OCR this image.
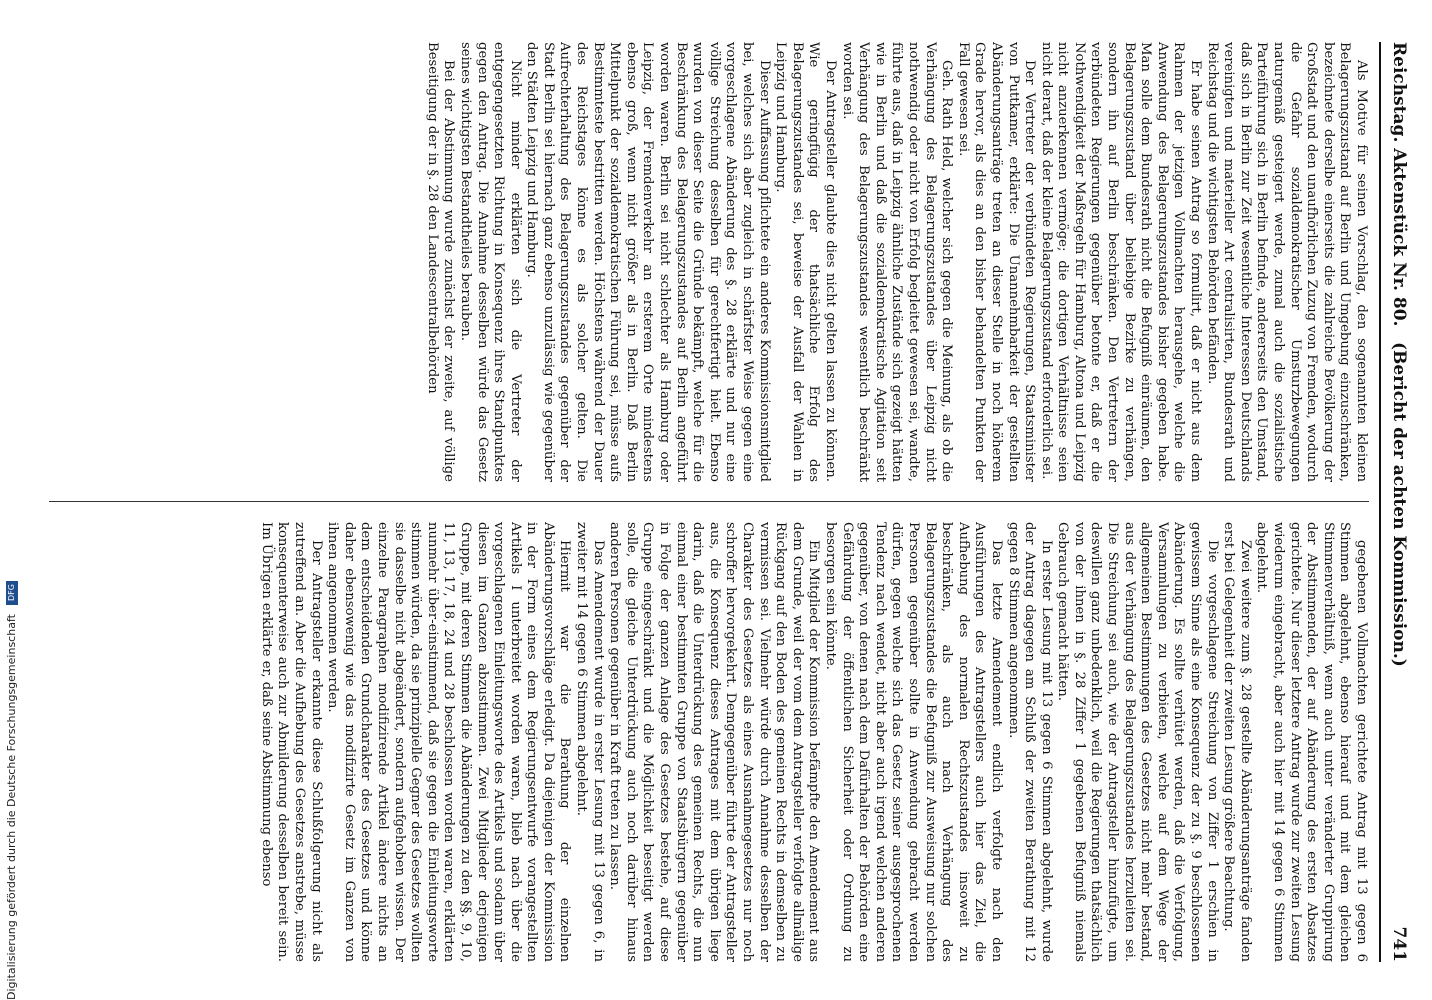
Reichstag. Aktenstück Nr. 80.
(Bericht der achten Kommission.)
741

Als Motive für seinen Vorschlag, den sogenannten kleinen Belagerungszustand auf Berlin und Umgebung einzuschränken, bezeichnete derselbe einerseits die zahlreiche Bevölkerung der Großstadt und den unaufhörlichen Zuzug von Fremden, wodurch die Gefahr sozialdemokratischer Umsturzbewegungen naturgemäß gesteigert werde, zumal auch die sozialistische Parteiführung sich in Berlin befinde, andererseits den Umstand, daß sich in Berlin zur Zeit wesentliche Interessen Deutschlands vereinigten und materieller Art centralisirten, Bundesrath und Reichstag und die wichtigsten Behörden befänden.

Er habe seinen Antrag so formulirt, daß er nicht aus dem Rahmen der jetzigen Vollmachten herausgehe, welche die Anwendung des Belagerungszustandes bisher gegeben habe. Man solle dem Bundesrath nicht die Befugniß einräumen, den Belagerungszustand über beliebige Bezirke zu verhängen, sondern ihn auf Berlin beschränken. Den Vertretern der verbündeten Regierungen gegenüber betonte er, daß er die Nothwendigkeit der Maßregeln für Hamburg, Altona und Leipzig nicht anzuerkennen vermöge; die dortigen Verhältnisse seien nicht derart, daß der kleine Belagerungszustand erforderlich sei.

Der Vertreter der verbündeten Regierungen, Staatsminister von Puttkamer, erklärte: Die Unannehmbarkeit der gestellten Abänderungsanträge treten an dieser Stelle in noch höherem Grade hervor, als dies an den bisher behandelten Punkten der Fall gewesen sei.

Geh. Rath Held, welcher sich gegen die Meinung, als ob die Verhängung des Belagerungszustandes über Leipzig nicht nothwendig oder nicht von Erfolg begleitet gewesen sei, wandte, führte aus, daß in Leipzig ähnliche Zustände sich gezeigt hätten wie in Berlin und daß die sozialdemokratische Agitation seit Verhängung des Belagerungszustandes wesentlich beschränkt worden sei.

Der Antragsteller glaubte dies nicht gelten lassen zu können. Wie geringfügig der thatsächliche Erfolg des Belagerungszustandes sei, beweise der Ausfall der Wahlen in Leipzig und Hamburg.

Dieser Auffassung pflichtete ein anderes Kommissionsmitglied bei, welches sich aber zugleich in schärfster Weise gegen eine vorgeschlagene Abänderung des §. 28 erklärte und nur eine völlige Streichung desselben für gerechtfertigt hielt. Ebenso wurden von dieser Seite die Gründe bekämpft, welche für die Beschränkung des Belagerungszustandes auf Berlin angeführt worden waren. Berlin sei nicht schlechter als Hamburg oder Leipzig, der Fremdenverkehr an ersterem Orte mindestens ebenso groß, wenn nicht größer als in Berlin. Daß Berlin Mittelpunkt der sozialdemokratischen Führung sei, müsse aufs Bestimmteste bestritten werden. Höchstens während der Dauer des Reichstages könne es als solcher gelten. Die Aufrechterhaltung des Belagerungszustandes gegenüber der Stadt Berlin sei hiernach ganz ebenso unzulässig wie gegenüber den Städten Leipzig und Hamburg.

Nicht minder erklärten sich die Vertreter der entgegengesetzten Richtung in Konsequenz ihres Standpunktes gegen den Antrag. Die Annahme desselben würde das Gesetz seines wichtigsten Bestandtheiles berauben.

Bei der Abstimmung wurde zunächst der zweite, auf völlige Beseitigung der in §. 28 den Landescentralbehörden

gegebenen Vollmachten gerichtete Antrag mit 13 gegen 6 Stimmen abgelehnt, ebenso hierauf und mit dem gleichen Stimmenverhältniß, wenn auch unter veränderter Gruppirung der Abstimmenden, der auf Abänderung des ersten Absatzes gerichtete. Nur dieser letztere Antrag wurde zur zweiten Lesung wiederum eingebracht, aber auch hier mit 14 gegen 6 Stimmen abgelehnt.

Zwei weitere zum §. 28 gestellte Abänderungsanträge fanden erst bei Gelegenheit der zweiten Lesung größere Beachtung.

Die vorgeschlagene Streichung von Ziffer 1 erschien in gewissem Sinne als eine Konsequenz der zu §. 9 beschlossenen Abänderung. Es sollte verhütet werden, daß die Verfolgung, Versammlungen zu verbieten, welche auf dem Wege der allgemeinen Bestimmungen des Gesetzes nicht mehr bestand, aus der Verhängung des Belagerungszustandes herzuleiten sei. Die Streichung sei auch, wie der Antragsteller hinzufügte, um deswillen ganz unbedenklich, weil die Regierungen thatsächlich von der ihnen in §. 28 Ziffer 1 gegebenen Befugniß niemals Gebrauch gemacht hätten.

In erster Lesung mit 13 gegen 6 Stimmen abgelehnt, wurde der Antrag dagegen am Schluß der zweiten Berathung mit 12 gegen 8 Stimmen angenommen.

Das letzte Amendement endlich verfolgte nach den Ausführungen des Antragstellers auch hier das Ziel, die Aufhebung des normalen Rechtszustandes insoweit zu beschränken, als auch nach Verhängung des Belagerungszustandes die Befugniß zur Ausweisung nur solchen Personen gegenüber sollte in Anwendung gebracht werden dürfen, gegen welche sich das Gesetz seiner ausgesprochenen Tendenz nach wendet, nicht aber auch irgend welchen anderen gegenüber, von denen nach dem Dafürhalten der Behörden eine Gefährdung der öffentlichen Sicherheit oder Ordnung zu besorgen sein könnte.

Ein Mitglied der Kommission befämpfte den Amendement aus dem Grunde, weil der vom dem Antragsteller verfolgte allmälige Rückgang auf den Boden des gemeinen Rechts in demselben zu vermissen sei. Vielmehr würde durch Annahme desselben der Charakter des Gesetzes als eines Ausnahmegesetzes nur noch schroffer hervorgekehrt. Demgegenüber führte der Antragsteller aus, die Konsequenz dieses Antrages mit dem übrigen liege darin, daß die Unterdrückung des gemeinen Rechts, die nun einmal einer bestimmten Gruppe von Staatsbürgern gegenüber in Folge der ganzen Anlage des Gesetzes bestehe, auf diese Gruppe eingeschränkt und die Möglichkeit beseitigt werden solle, die gleiche Unterdrückung auch noch darüber hinaus anderen Personen gegenüber in Kraft treten zu lassen.

Das Amendement wurde in erster Lesung mit 13 gegen 6, in zweiter mit 14 gegen 6 Stimmen abgelehnt.

Hiermit war die Berathung der einzelnen Abänderungsvorschläge erledigt. Da diejenigen der Kommission in der Form eines dem Regierungsentwurfe vorangestellten Artikels I unterbreitet worden waren, blieb nach über die vorgeschlagenen Einleitungsworte des Artikels und sodann über diesen im Ganzen abzustimmen. Zwei Mitglieder derjenigen Gruppe, mit deren Stimmen die Abänderungen zu den §§. 9, 10, 11, 13, 17, 18, 24 und 28 beschlossen worden waren, erklärten nunmehr über-einstimmend, daß sie gegen die Einleitungsworte stimmen würden, da sie prinzipielle Gegner des Gesetzes wollten sie dasselbe nicht abgeändert, sondern aufgehoben wissen. Der einzelne Paragraphen modifizirende Artikel ändere nichts an dem entscheidenden Grundcharakter des Gesetzes und könne daher ebensowenig wie das modifizirte Gesetz im Ganzen von ihnen angenommen werden.

Der Antragsteller erkannte diese Schlußfolgerung nicht als zutreffend an. Aber die Aufhebung des Gesetzes anstrebe, müsse konsequenterweise auch zur Abmilderung desselben bereit sein. Im Übrigen erklärte er, daß seine Abstimmung ebenso

Digitalisierung gefördert durch die Deutsche Forschungsgemeinschaft DFG
